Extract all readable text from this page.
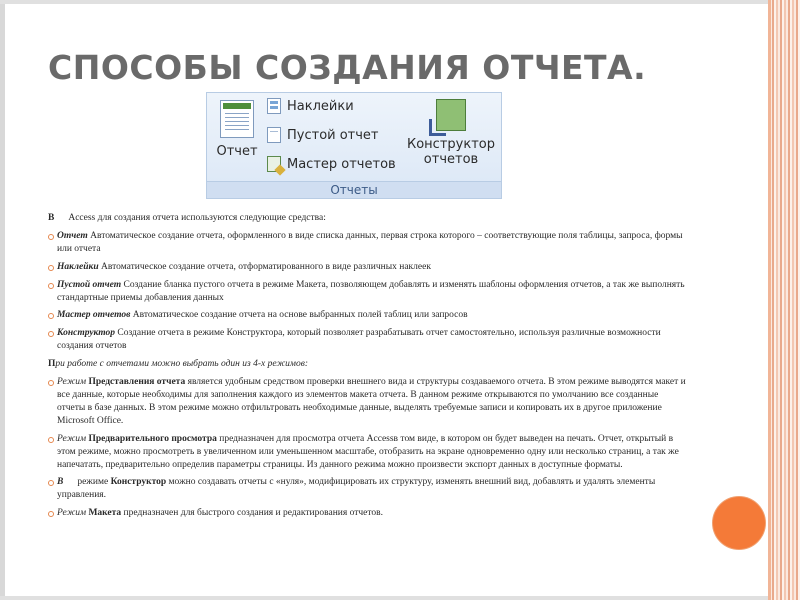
СПОСОБЫ СОЗДАНИЯ ОТЧЕТА.
Отчет
Наклейки
Пустой отчет
Мастер отчетов
Конструктор
отчетов
Отчеты
В Access для создания отчета используются следующие средства:
Отчет Автоматическое создание отчета, оформленного в виде списка данных, первая строка которого – соответствующие поля таблицы, запроса, формы или отчета
Наклейки Автоматическое создание отчета, отформатированного в виде различных наклеек
Пустой отчет Создание бланка пустого отчета в режиме Макета, позволяющем добавлять и изменять шаблоны оформления отчетов, а так же выполнять стандартные приемы добавления данных
Мастер отчетов Автоматическое создание отчета на основе выбранных полей таблиц или запросов
Конструктор Создание отчета в режиме Конструктора, который позволяет разрабатывать отчет самостоятельно, используя различные возможности создания отчетов
При работе с отчетами можно выбрать один из 4-х режимов:
Режим Представления отчета является удобным средством проверки внешнего вида и структуры создаваемого отчета. В этом режиме выводятся макет и все данные, которые необходимы для заполнения каждого из элементов макета отчета. В данном режиме открываются по умолчанию все созданные отчеты в базе данных. В этом режиме можно отфильтровать необходимые данные, выделять требуемые записи и копировать их в другое приложение Microsoft Office.
Режим Предварительного просмотра предназначен для просмотра отчета Accessв том виде, в котором он будет выведен на печать. Отчет, открытый в этом режиме, можно просмотреть в увеличенном или уменьшенном масштабе, отобразить на экране одновременно одну или несколько страниц, а так же напечатать, предварительно определив параметры страницы. Из данного режима можно произвести экспорт данных в доступные форматы.
В режиме Конструктор можно создавать отчеты с «нуля», модифицировать их структуру, изменять внешний вид, добавлять и удалять элементы управления.
Режим Макета предназначен для быстрого создания и редактирования отчетов.
